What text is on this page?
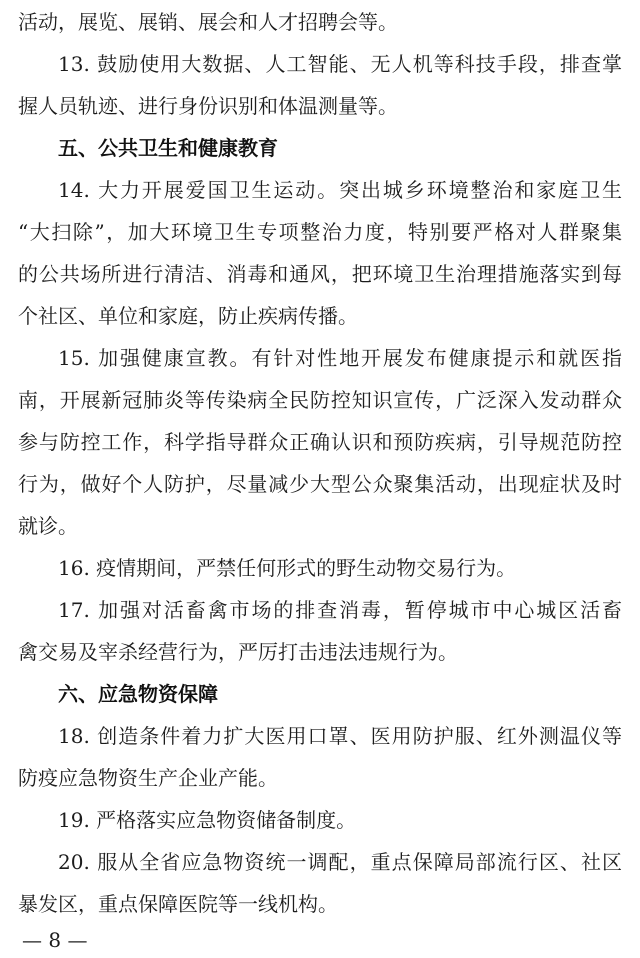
活动，展览、展销、展会和人才招聘会等。
13. 鼓励使用大数据、人工智能、无人机等科技手段，排查掌
握人员轨迹、进行身份识别和体温测量等。
五、公共卫生和健康教育
14. 大力开展爱国卫生运动。突出城乡环境整治和家庭卫生
“大扫除”，加大环境卫生专项整治力度，特别要严格对人群聚集
的公共场所进行清洁、消毒和通风，把环境卫生治理措施落实到每
个社区、单位和家庭，防止疾病传播。
15. 加强健康宣教。有针对性地开展发布健康提示和就医指
南，开展新冠肺炎等传染病全民防控知识宣传，广泛深入发动群众
参与防控工作，科学指导群众正确认识和预防疾病，引导规范防控
行为，做好个人防护，尽量减少大型公众聚集活动，出现症状及时
就诊。
16. 疫情期间，严禁任何形式的野生动物交易行为。
17. 加强对活畜禽市场的排查消毒，暂停城市中心城区活畜
禽交易及宰杀经营行为，严厉打击违法违规行为。
六、应急物资保障
18. 创造条件着力扩大医用口罩、医用防护服、红外测温仪等
防疫应急物资生产企业产能。
19. 严格落实应急物资储备制度。
20. 服从全省应急物资统一调配，重点保障局部流行区、社区
暴发区，重点保障医院等一线机构。
— 8 —
